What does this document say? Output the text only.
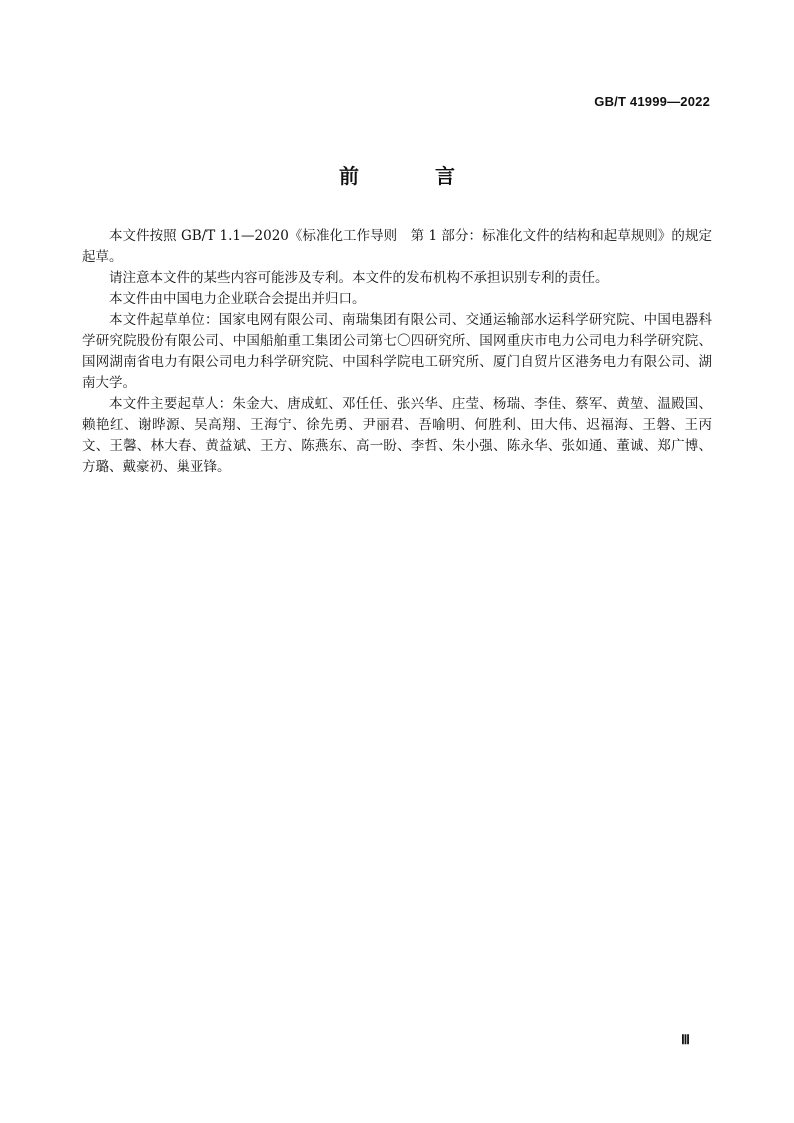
GB/T 41999—2022
前　言

本文件按照 GB/T 1.1—2020《标准化工作导则　第 1 部分：标准化文件的结构和起草规则》的规定起草。

请注意本文件的某些内容可能涉及专利。本文件的发布机构不承担识别专利的责任。

本文件由中国电力企业联合会提出并归口。

本文件起草单位：国家电网有限公司、南瑞集团有限公司、交通运输部水运科学研究院、中国电器科学研究院股份有限公司、中国船舶重工集团公司第七〇四研究所、国网重庆市电力公司电力科学研究院、国网湖南省电力有限公司电力科学研究院、中国科学院电工研究所、厦门自贸片区港务电力有限公司、湖南大学。

本文件主要起草人：朱金大、唐成虹、邓任任、张兴华、庄莹、杨瑞、李佳、蔡军、黄堃、温殿国、赖艳红、谢晔源、吴高翔、王海宁、徐先勇、尹丽君、吾喻明、何胜利、田大伟、迟福海、王磐、王丙文、王馨、林大春、黄益斌、王方、陈燕东、高一盼、李哲、朱小强、陈永华、张如通、董诚、郑广博、方璐、戴豪礽、巢亚锋。

Ⅲ
